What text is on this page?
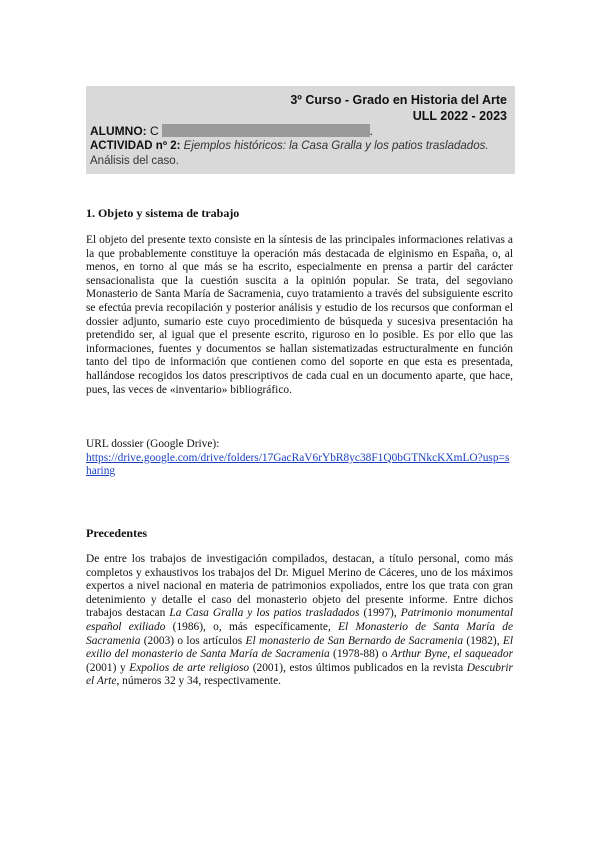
3º Curso - Grado en Historia del Arte
ULL 2022 - 2023
ALUMNO: C	.
ACTIVIDAD nº 2: Ejemplos históricos: la Casa Gralla y los patios trasladados.
Análisis del caso.
1. Objeto y sistema de trabajo

El objeto del presente texto consiste en la síntesis de las principales informaciones relativas a la que probablemente constituye la operación más destacada de elginismo en España, o, al menos, en torno al que más se ha escrito, especialmente en prensa a partir del carácter sensacionalista que la cuestión suscita a la opinión popular. Se trata, del segoviano Monasterio de Santa María de Sacramenia, cuyo tratamiento a través del subsiguiente escrito se efectúa previa recopilación y posterior análisis y estudio de los recursos que conforman el dossier adjunto, sumario este cuyo procedimiento de búsqueda y sucesiva presentación ha pretendido ser, al igual que el presente escrito, riguroso en lo posible. Es por ello que las informaciones, fuentes y documentos se hallan sistematizadas estructuralmente en función tanto del tipo de información que contienen como del soporte en que esta es presentada, hallándose recogidos los datos prescriptivos de cada cual en un documento aparte, que hace, pues, las veces de «inventario» bibliográfico.

URL dossier (Google Drive):
https://drive.google.com/drive/folders/17GacRaV6rYbR8yc38F1Q0bGTNkcKXmLO?usp=sharing
Precedentes

De entre los trabajos de investigación compilados, destacan, a título personal, como más completos y exhaustivos los trabajos del Dr. Miguel Merino de Cáceres, uno de los máximos expertos a nivel nacional en materia de patrimonios expoliados, entre los que trata con gran detenimiento y detalle el caso del monasterio objeto del presente informe. Entre dichos trabajos destacan La Casa Gralla y los patios trasladados (1997), Patrimonio monumental español exiliado (1986), o, más específicamente, El Monasterio de Santa María de Sacramenia (2003) o los artículos El monasterio de San Bernardo de Sacramenia (1982), El exilio del monasterio de Santa María de Sacramenia (1978-88) o Arthur Byne, el saqueador (2001) y Expolios de arte religioso (2001), estos últimos publicados en la revista Descubrir el Arte, números 32 y 34, respectivamente.
